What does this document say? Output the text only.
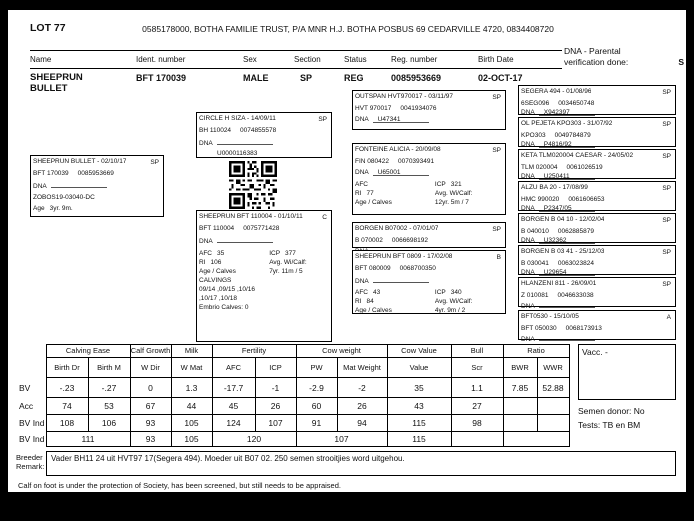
LOT 77	0585178000, BOTHA FAMILIE TRUST, P/A MNR H.J. BOTHA POSBUS 69 CEDARVILLE 4720, 0834408720
Name	Ident. number	Sex	Section	Status	Reg. number	Birth Date
SHEEPRUN BULLET
BFT 170039	MALE	SP	REG	0085953669	02-OCT-17
DNA - Parental
verification done:	S
SHEEPRUN BULLET - 02/10/17	SP
BFT 170039 0085953669
DNA
ZOBOS19-03040-DC
Age 3yr. 9m.
CIRCLE H SIZA - 14/09/11	SP
BH 110024 0074855578
DNA
U0000116383
SHEEPRUN BFT 110004 - 01/10/11	C
BFT 110004 0075771428
DNA
AFC 35	ICP 377
RI 106	Avg. Wi/Calf:
Age / Calves	7yr. 11m / 5
CALVINGS
09/14 ,09/15 ,10/16
,10/17 ,10/18
Embrio Calves: 0
OUTSPAN HVT970017 - 03/11/97	SP
HVT 970017 0041934076
DNA U47341
FONTEINE ALICIA - 20/09/08	SP
FIN 080422 0070393491
DNA U65001
AFC	ICP 321
RI 77	Avg. Wi/Calf:
Age / Calves	12yr. 5m / 7
BORGEN B07002 - 07/01/07	SP
B 070002 0066698192
SHEEPRUN BFT 0809 - 17/02/08	B
BFT 080009 0068700350
DNA
AFC 43	ICP 340
RI 84	Avg. Wi/Calf:
Age / Calves	4yr. 9m / 2
SEGERA 494 - 01/08/96	SP
6SEG096 0034650748
DNA X942397
OL PEJETA KPO303 - 31/07/92	SP
KPO303 0049784879
DNA P4816/92
KETA TLM020004 CAESAR - 24/05/02	SP
TLM 020004 0061026519
DNA U250411
ALZU BA 20 - 17/08/99	SP
HMC 990020 0061606653
DNA P2347/05
BORGEN B 04 10 - 12/02/04	SP
B 040010 0062885879
DNA U32362
BORGEN B 03 41 - 25/12/03	SP
B 030041 0063023824
DNA U29654
HLANZENI 811 - 26/09/01	SP
Z 010081 0046633038
DNA
BFT0530 - 15/10/05	A
BFT 050030 0068173913
DNA
	Calving Ease		Calf Growth	Milk	Fertility		Cow weight		Cow Value	Bull	Ratio	
	Birth Dr	Birth M	W Dir	W Mat	AFC	ICP	PW	Mat Weight	Value	Scr	BWR	WWR
BV	-.23	-.27	0	1.3	-17.7	-1	-2.9	-2	35	1.1	7.85	52.88
Acc	74	53	67	44	45	26	60	26	43	27		
BV Ind	108	106	93	105	124	107	91	94	115	98		
BV Ind	111		93	105	120		107		115			
Vacc. -
Semen donor: No
Tests: TB en BM
Breeder Remark:
Vader BH11 24 uit HVT97 17(Segera 494). Moeder uit B07 02. 250 semen strooitjies word uitgehou.
Calf on foot is under the protection of Society, has been screened, but still needs to be appraised.
